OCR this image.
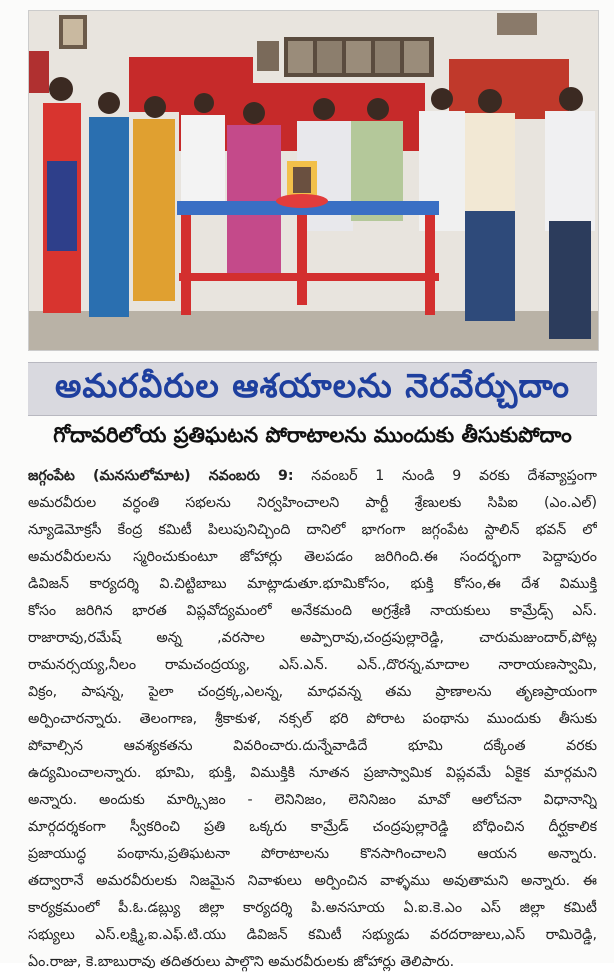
అమరవీరుల ఆశయాలను నెరవేర్చుదాం
గోదావరిలోయ ప్రతిఘటన పోరాటాలను ముందుకు తీసుకుపోదాం
జగ్గంపేట (మనసులోమాట) నవంబరు 9: నవంబర్ 1 నుండి 9 వరకు దేశవ్యాప్తంగా
అమరవీరుల వర్ధంతి సభలను నిర్వహించాలని పార్టీ శ్రేణులకు సిపిఐ (ఎం.ఎల్)
న్యూడెమోక్రసీ కేంద్ర కమిటీ పిలుపునిచ్చింది దానిలో భాగంగా జగ్గంపేట స్టాలిన్ భవన్ లో
అమరవీరులను స్మరించుకుంటూ జోహార్లు తెలపడం జరిగింది.ఈ సందర్భంగా పెద్దాపురం
డివిజన్ కార్యదర్శి వి.చిట్టిబాబు మాట్లాడుతూ.భూమికోసం, భుక్తి కోసం,ఈ దేశ విముక్తి
కోసం జరిగిన భారత విప్లవోద్యమంలో అనేకమంది అగ్రశ్రేణి నాయకులు కామ్రేడ్స్ ఎస్.
రాజారావు,రమేష్ అన్న ,వరసాల అప్పారావు,చంద్రపుల్లారెడ్డి, చారుమజుందార్,పోట్ల
రామనర్సయ్య,నీలం రామచంద్రయ్య, ఎస్.ఎన్. ఎన్.,దొరన్న,మాదాల నారాయణస్వామి,
విక్రం, పాషన్న, పైలా చంద్రక్క,ఎలన్న, మాధవన్న తమ ప్రాణాలను తృణప్రాయంగా
అర్పించారన్నారు. తెలంగాణ, శ్రీకాకుళ, నక్సల్ భరి పోరాట పంథాను ముందుకు తీసుకు
పోవాల్సిన ఆవశ్యకతను వివరించారు.దున్నేవాడిదే భూమి దక్కేంత వరకు
ఉద్యమించాలన్నారు. భూమి, భుక్తి, విముక్తికి నూతన ప్రజాస్వామిక విప్లవమే ఏకైక మార్గమని
అన్నారు. అందుకు మార్క్సిజం - లెనినిజం, లెనినిజం మావో ఆలోచనా విధానాన్ని
మార్గదర్శకంగా స్వీకరించి ప్రతి ఒక్కరు కామ్రేడ్ చంద్రపుల్లారెడ్డి బోధించిన దీర్ఘకాలిక
ప్రజాయుద్ధ పంథాను,ప్రతిఘటనా పోరాటాలను కొనసాగించాలని ఆయన అన్నారు.
తద్వారానే అమరవీరులకు నిజమైన నివాళులు అర్పించిన వాళ్ళము అవుతామని అన్నారు. ఈ
కార్యక్రమంలో పీ.ఓ.డబ్ల్యు జిల్లా కార్యదర్శి పి.అనసూయ ఏ.ఐ.కె.ఎం ఎస్ జిల్లా కమిటీ
సభ్యులు ఎస్.లక్ష్మి,ఐ.ఎఫ్.టి.యు డివిజన్ కమిటీ సభ్యుడు వరదరాజులు,ఎస్ రామిరెడ్డి,
ఏం.రాజు, కె.బాబురావు తదితరులు పాల్గొని అమరవీరులకు జోహార్లు తెలిపారు.
